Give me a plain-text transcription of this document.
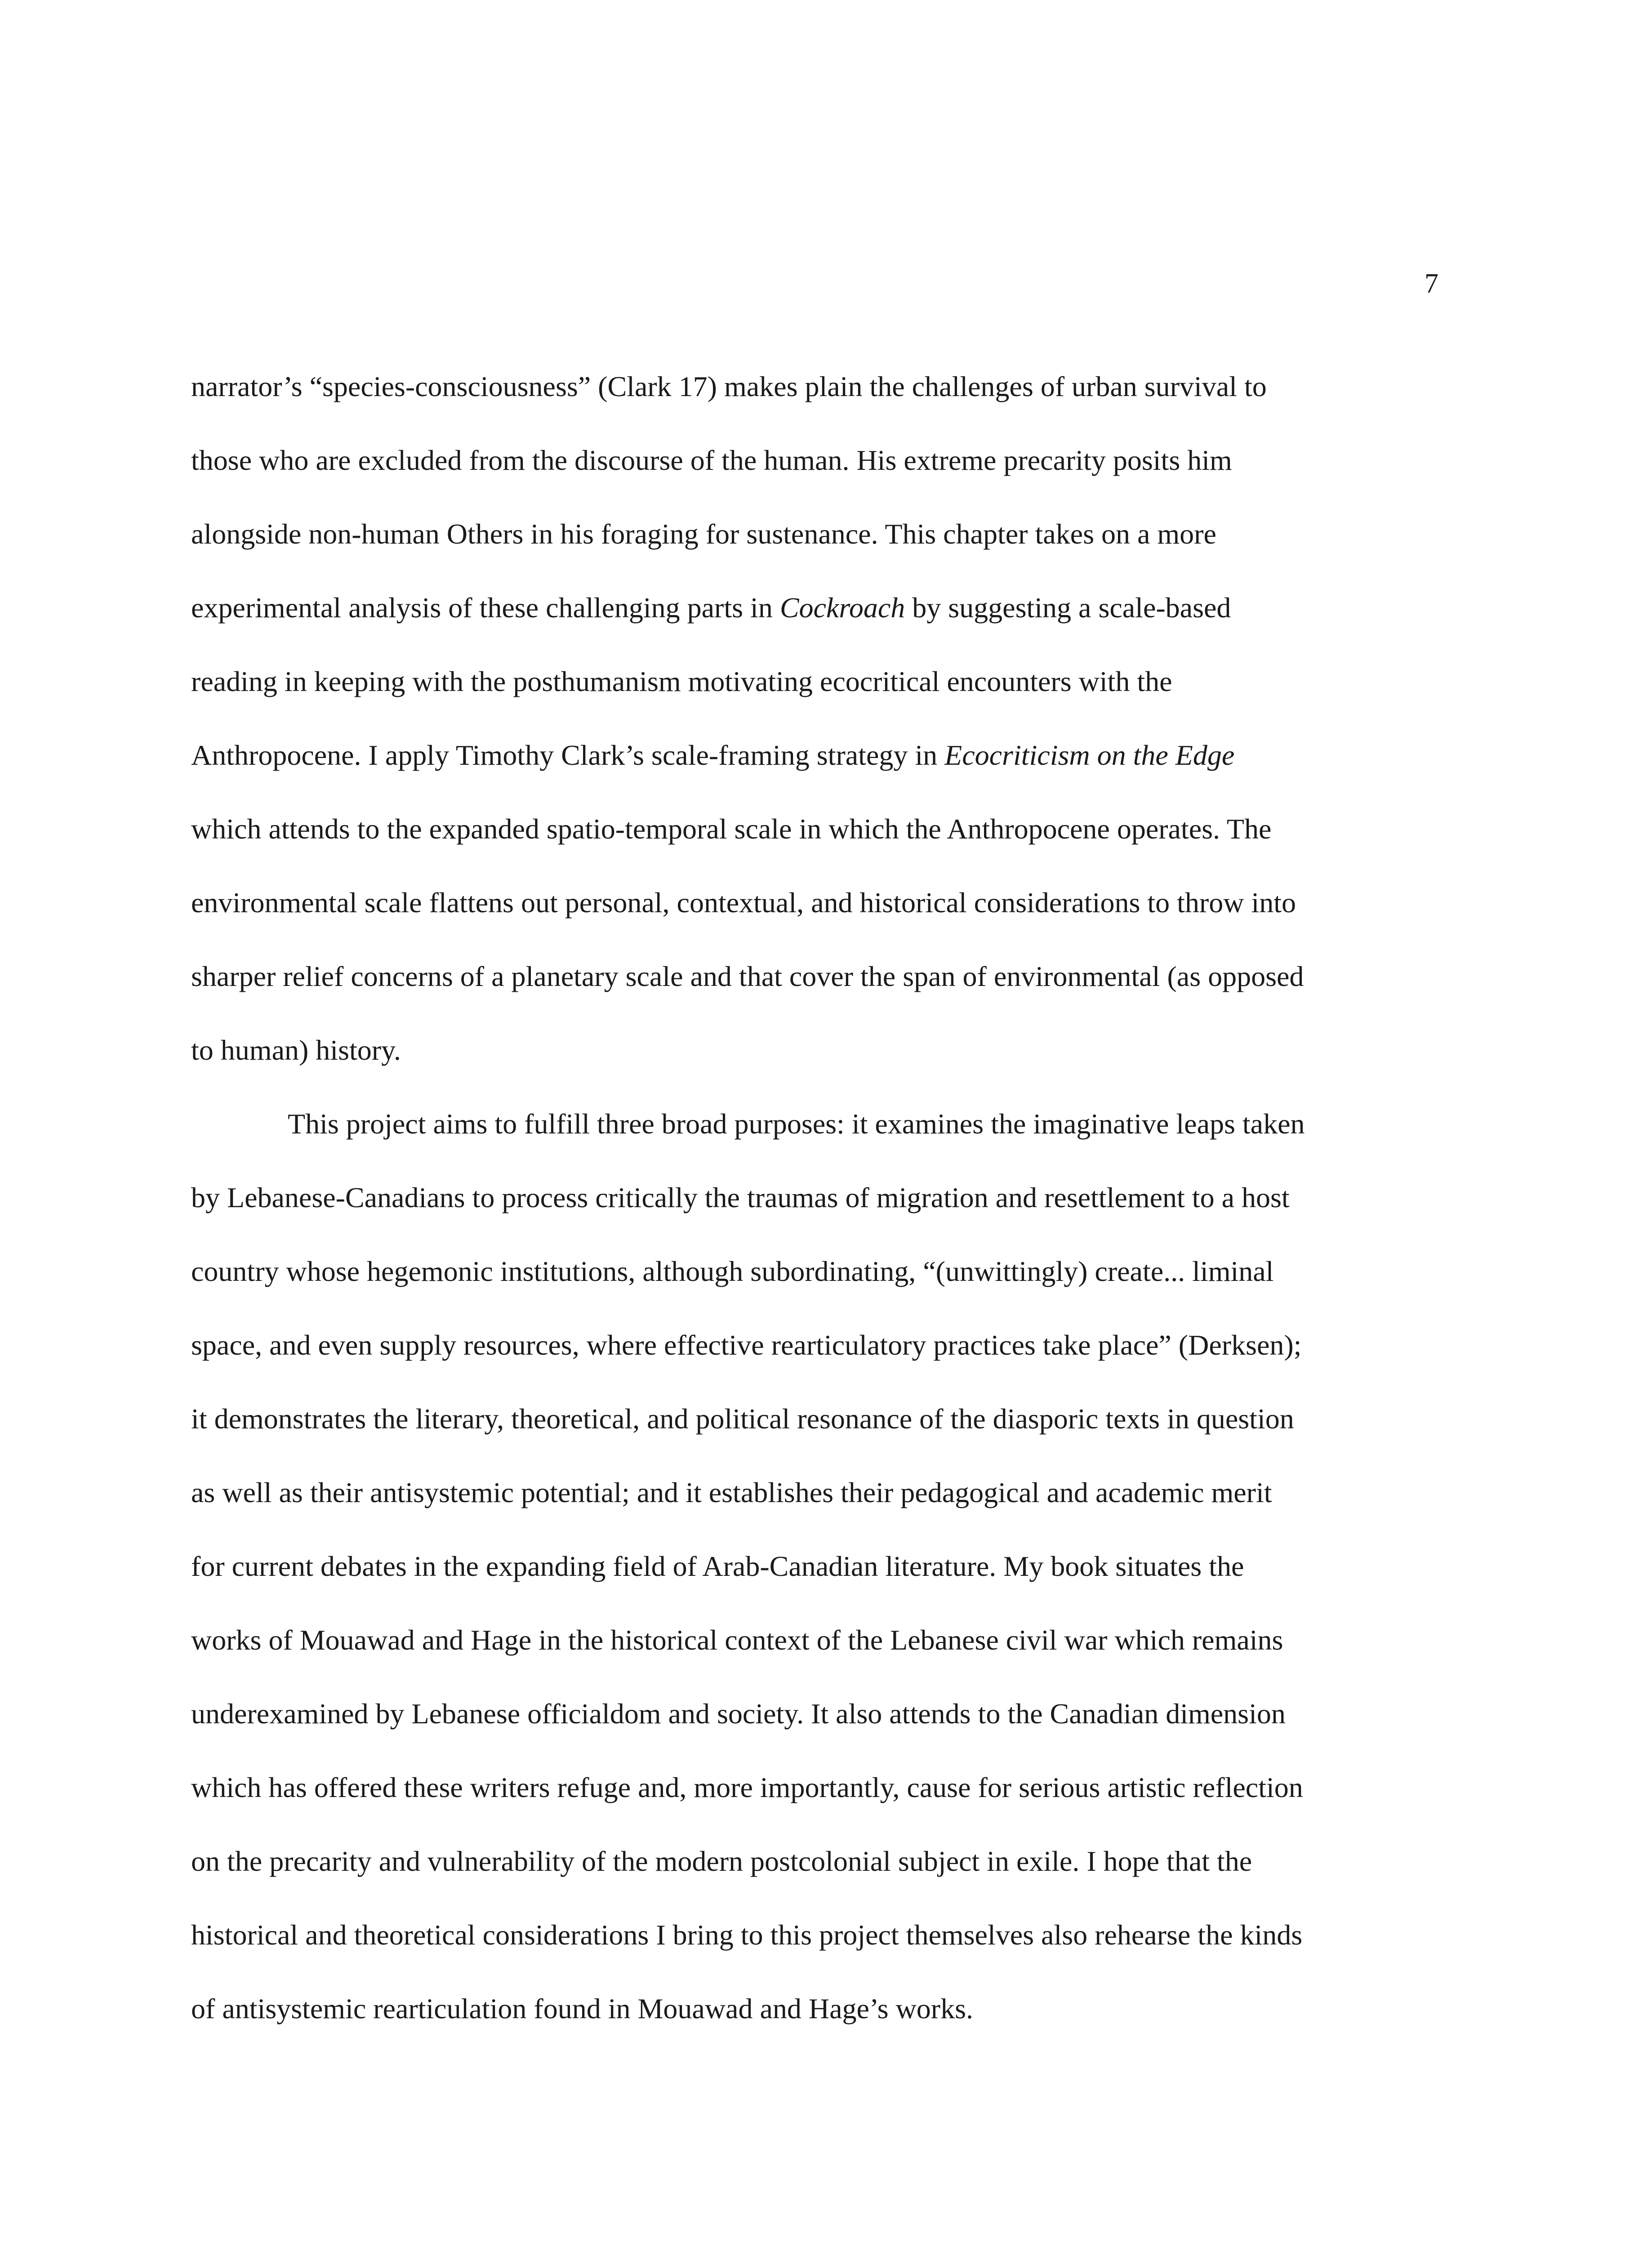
7
narrator’s “species-consciousness” (Clark 17) makes plain the challenges of urban survival to
those who are excluded from the discourse of the human. His extreme precarity posits him
alongside non-human Others in his foraging for sustenance. This chapter takes on a more
experimental analysis of these challenging parts in Cockroach by suggesting a scale-based
reading in keeping with the posthumanism motivating ecocritical encounters with the
Anthropocene. I apply Timothy Clark’s scale-framing strategy in Ecocriticism on the Edge
which attends to the expanded spatio-temporal scale in which the Anthropocene operates. The
environmental scale flattens out personal, contextual, and historical considerations to throw into
sharper relief concerns of a planetary scale and that cover the span of environmental (as opposed
to human) history.
This project aims to fulfill three broad purposes: it examines the imaginative leaps taken
by Lebanese-Canadians to process critically the traumas of migration and resettlement to a host
country whose hegemonic institutions, although subordinating, “(unwittingly) create... liminal
space, and even supply resources, where effective rearticulatory practices take place” (Derksen);
it demonstrates the literary, theoretical, and political resonance of the diasporic texts in question
as well as their antisystemic potential; and it establishes their pedagogical and academic merit
for current debates in the expanding field of Arab-Canadian literature. My book situates the
works of Mouawad and Hage in the historical context of the Lebanese civil war which remains
underexamined by Lebanese officialdom and society. It also attends to the Canadian dimension
which has offered these writers refuge and, more importantly, cause for serious artistic reflection
on the precarity and vulnerability of the modern postcolonial subject in exile. I hope that the
historical and theoretical considerations I bring to this project themselves also rehearse the kinds
of antisystemic rearticulation found in Mouawad and Hage’s works.
